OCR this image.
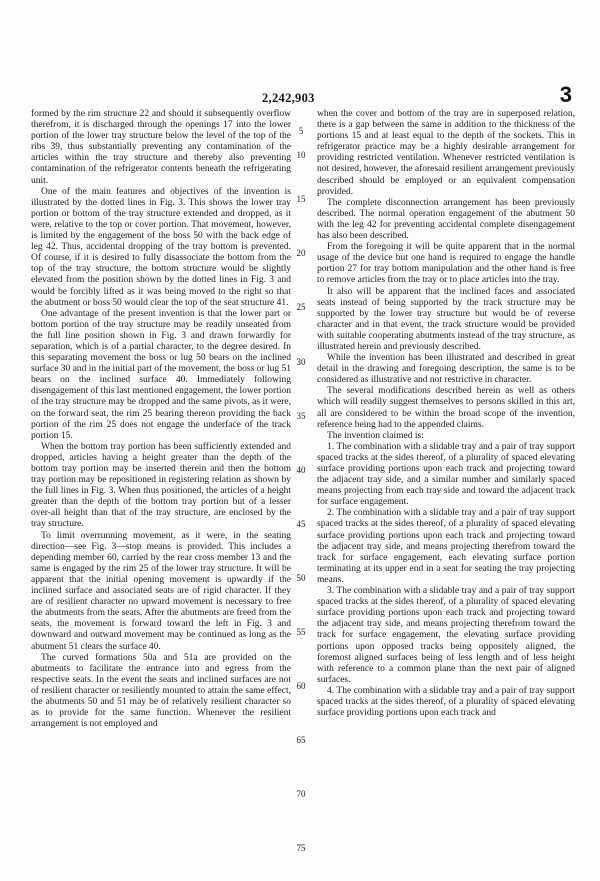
2,242,903	3

formed by the rim structure 22 and should it subsequently overflow therefrom, it is discharged through the openings 17 into the lower portion of the lower tray structure below the level of the top of the ribs 39, thus substantially preventing any contamination of the articles within the tray structure and thereby also preventing contamination of the refrigerator contents beneath the refrigerating unit.

One of the main features and objectives of the invention is illustrated by the dotted lines in Fig. 3. This shows the lower tray portion or bottom of the tray structure extended and dropped, as it were, relative to the top or cover portion. That movement, however, is limited by the engagement of the boss 50 with the back edge of leg 42. Thus, accidental dropping of the tray bottom is prevented. Of course, if it is desired to fully disassociate the bottom from the top of the tray structure, the bottom structure would be slightly elevated from the position shown by the dotted lines in Fig. 3 and would be forcibly lifted as it was being moved to the right so that the abutment or boss 50 would clear the top of the seat structure 41.

One advantage of the present invention is that the lower part or bottom portion of the tray structure may be readily unseated from the full line position shown in Fig. 3 and drawn forwardly for separation, which is of a partial character, to the degree desired. In this separating movement the boss or lug 50 bears on the inclined surface 30 and in the initial part of the movement, the boss or lug 51 bears on the inclined surface 40. Immediately following disengagement of this last mentioned engagement, the lower portion of the tray structure may be dropped and the same pivots, as it were, on the forward seat, the rim 25 bearing thereon providing the back portion of the rim 25 does not engage the underface of the track portion 15.

When the bottom tray portion has been sufficiently extended and dropped, articles having a height greater than the depth of the bottom tray portion may be inserted therein and then the bottom tray portion may be repositioned in registering relation as shown by the full lines in Fig. 3. When thus positioned, the articles of a height greater than the depth of the bottom tray portion but of a lesser over-all height than that of the tray structure, are enclosed by the tray structure.

To limit overrunning movement, as it were, in the seating direction—see Fig. 3—stop means is provided. This includes a depending member 60, carried by the rear cross member 13 and the same is engaged by the rim 25 of the lower tray structure. It will be apparent that the initial opening movement is upwardly if the inclined surface and associated seats are of rigid character. If they are of resilient character no upward movement is necessary to free the abutments from the seats. After the abutments are freed from the seats, the movement is forward toward the left in Fig. 3 and downward and outward movement may be continued as long as the abutment 51 clears the surface 40.

The curved formations 50a and 51a are provided on the abutments to facilitate the entrance into and egress from the respective seats. In the event the seats and inclined surfaces are not of resilient character or resiliently mounted to attain the same effect, the abutments 50 and 51 may be of relatively resilient character so as to provide for the same function. Whenever the resilient arrangement is not employed and

when the cover and bottom of the tray are in superposed relation, there is a gap between the same in addition to the thickness of the portions 15 and at least equal to the depth of the sockets. This in refrigerator practice may be a highly desirable arrangement for providing restricted ventilation. Whenever restricted ventilation is not desired, however, the aforesaid resilient arrangement previously described should be employed or an equivalent compensation provided.

The complete disconnection arrangement has been previously described. The normal operation engagement of the abutment 50 with the leg 42 for preventing accidental complete disengagement has also been described.

From the foregoing it will be quite apparent that in the normal usage of the device but one hand is required to engage the handle portion 27 for tray bottom manipulation and the other hand is free to remove articles from the tray or to place articles into the tray.

It also will be apparent that the inclined faces and associated seats instead of being supported by the track structure may be supported by the lower tray structure but would be of reverse character and in that event, the track structure would be provided with suitable cooperating abutments instead of the tray structure, as illustrated herein and previously described.

While the invention has been illustrated and described in great detail in the drawing and foregoing description, the same is to be considered as illustrative and not restrictive in character.

The several modifications described herein as well as others which will readily suggest themselves to persons skilled in this art, all are considered to be within the broad scope of the invention, reference being had to the appended claims.

The invention claimed is:

1. The combination with a slidable tray and a pair of tray support spaced tracks at the sides thereof, of a plurality of spaced elevating surface providing portions upon each track and projecting toward the adjacent tray side, and a similar number and similarly spaced means projecting from each tray side and toward the adjacent track for surface engagement.

2. The combination with a slidable tray and a pair of tray support spaced tracks at the sides thereof, of a plurality of spaced elevating surface providing portions upon each track and projecting toward the adjacent tray side, and means projecting therefrom toward the track for surface engagement, each elevating surface portion terminating at its upper end in a seat for seating the tray projecting means.

3. The combination with a slidable tray and a pair of tray support spaced tracks at the sides thereof, of a plurality of spaced elevating surface providing portions upon each track and projecting toward the adjacent tray side, and means projecting therefrom toward the track for surface engagement, the elevating surface providing portions upon opposed tracks being oppositely aligned, the foremost aligned surfaces being of less length and of less height with reference to a common plane than the next pair of aligned surfaces.

4. The combination with a slidable tray and a pair of tray support spaced tracks at the sides thereof, of a plurality of spaced elevating surface providing portions upon each track and

5
10
15
20
25
30
35
40
45
50
55
60
65
70
75
